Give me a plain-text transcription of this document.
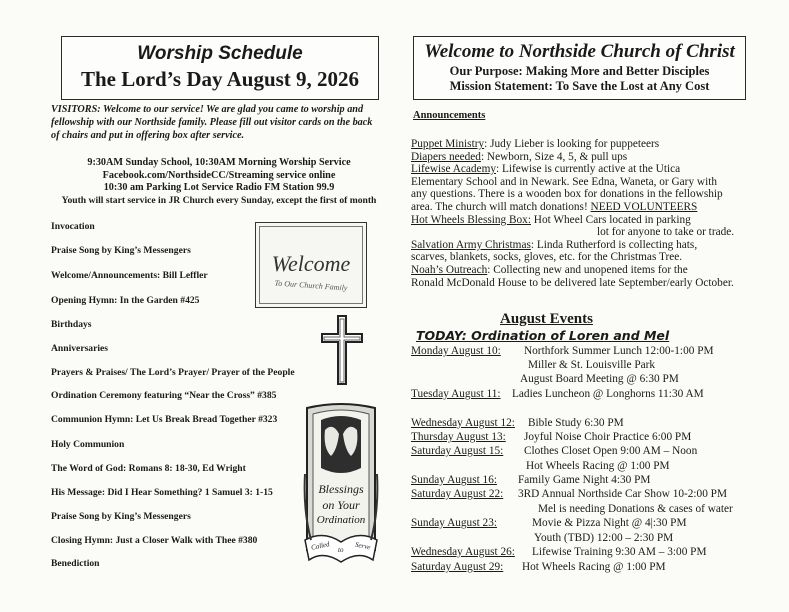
Worship Schedule
The Lord’s Day August 9, 2026
VISITORS: Welcome to our service! We are glad you came to worship and
fellowship with our Northside family. Please fill out visitor cards on the back
of chairs and put in offering box after service.
9:30AM Sunday School, 10:30AM Morning Worship Service
Facebook.com/NorthsideCC/Streaming service online
10:30 am Parking Lot Service Radio FM Station 99.9
Youth will start service in JR Church every Sunday, except the first of month
Invocation
Praise Song by King’s Messengers
Welcome/Announcements: Bill Leffler
Opening Hymn: In the Garden #425
Birthdays
Anniversaries
Prayers & Praises/ The Lord’s Prayer/ Prayer of the People
Ordination Ceremony featuring “Near the Cross” #385
Communion Hymn: Let Us Break Bread Together #323
Holy Communion
The Word of God: Romans 8: 18-30, Ed Wright
His Message: Did I Hear Something? 1 Samuel 3: 1-15
Praise Song by King’s Messengers
Closing Hymn: Just a Closer Walk with Thee #380
Benediction
Welcome
To Our Church Family
Blessings
on Your
Ordination
Called to Serve
Welcome to Northside Church of Christ
Our Purpose: Making More and Better Disciples
Mission Statement: To Save the Lost at Any Cost
Announcements
Puppet Ministry: Judy Lieber is looking for puppeteers
Diapers needed: Newborn, Size 4, 5, & pull ups
Lifewise Academy: Lifewise is currently active at the Utica
Elementary School and in Newark. See Edna, Waneta, or Gary with
any questions. There is a wooden box for donations in the fellowship
area. The church will match donations! NEED VOLUNTEERS
Hot Wheels Blessing Box: Hot Wheel Cars located in parking
lot for anyone to take or trade.
Salvation Army Christmas: Linda Rutherford is collecting hats,
scarves, blankets, socks, gloves, etc. for the Christmas Tree.
Noah’s Outreach: Collecting new and unopened items for the
Ronald McDonald House to be delivered late September/early October.
August Events
TODAY: Ordination of Loren and Mel
Monday August 10: Northfork Summer Lunch 12:00-1:00 PM
Miller & St. Louisville Park
August Board Meeting @ 6:30 PM
Tuesday August 11: Ladies Luncheon @ Longhorns 11:30 AM
Wednesday August 12: Bible Study 6:30 PM
Thursday August 13: Joyful Noise Choir Practice 6:00 PM
Saturday August 15: Clothes Closet Open 9:00 AM – Noon
Hot Wheels Racing @ 1:00 PM
Sunday August 16: Family Game Night 4:30 PM
Saturday August 22: 3RD Annual Northside Car Show 10-2:00 PM
Mel is needing Donations & cases of water
Sunday August 23:	Movie & Pizza Night @ 4|:30 PM
Youth (TBD) 12:00 – 2:30 PM
Wednesday August 26: Lifewise Training 9:30 AM – 3:00 PM
Saturday August 29: Hot Wheels Racing @ 1:00 PM
